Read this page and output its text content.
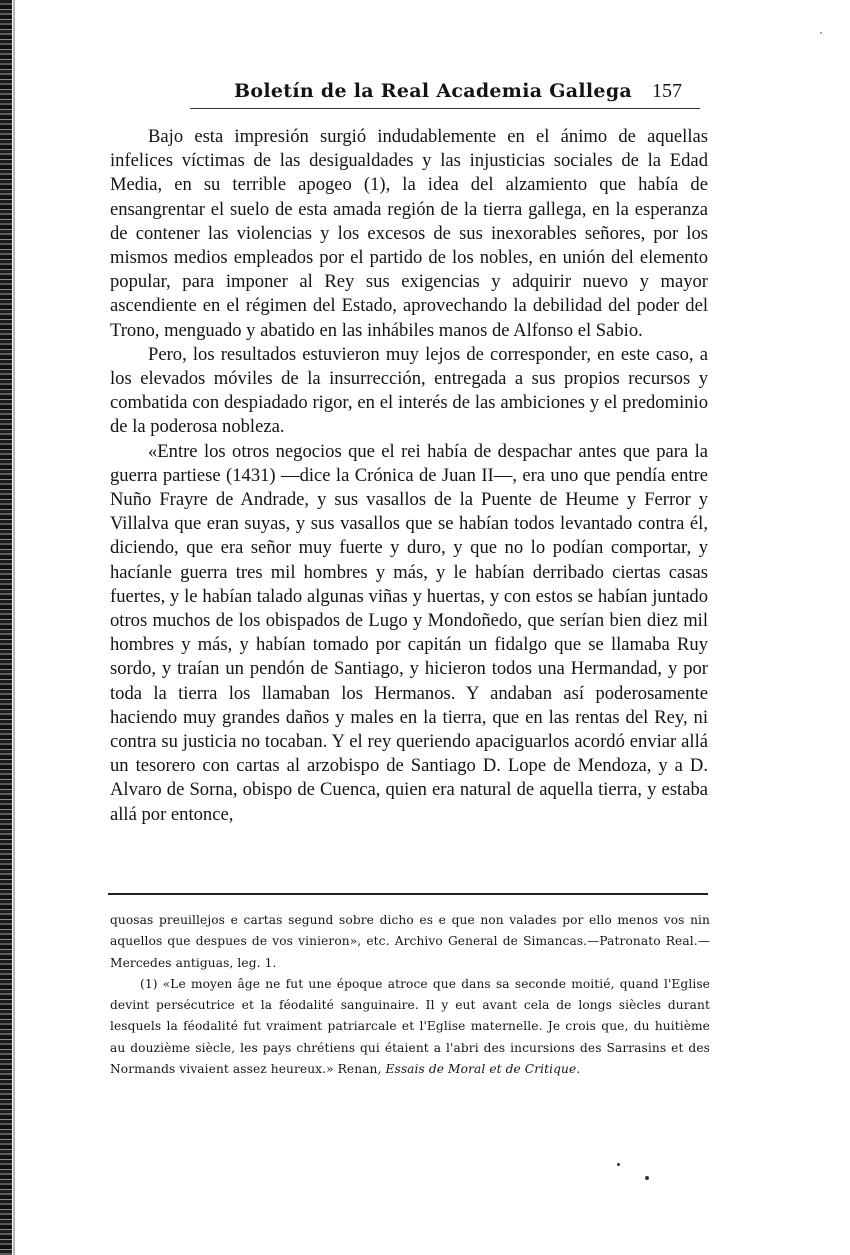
Boletín de la Real Academia Gallega 157

Bajo esta impresión surgió indudablemente en el ánimo de aquellas infelices víctimas de las desigualdades y las injusticias sociales de la Edad Media, en su terrible apogeo (1), la idea del alzamiento que había de ensangrentar el suelo de esta amada región de la tierra gallega, en la esperanza de contener las violencias y los excesos de sus inexorables señores, por los mismos medios empleados por el partido de los nobles, en unión del elemento popular, para imponer al Rey sus exigencias y adquirir nuevo y mayor ascendiente en el régimen del Estado, aprovechando la debilidad del poder del Trono, menguado y abatido en las inhábiles manos de Alfonso el Sabio.

Pero, los resultados estuvieron muy lejos de corresponder, en este caso, a los elevados móviles de la insurrección, entregada a sus propios recursos y combatida con despiadado rigor, en el interés de las ambiciones y el predominio de la poderosa nobleza.

«Entre los otros negocios que el rei había de despachar antes que para la guerra partiese (1431) —dice la Crónica de Juan II—, era uno que pendía entre Nuño Frayre de Andrade, y sus vasallos de la Puente de Heume y Ferror y Villalva que eran suyas, y sus vasallos que se habían todos levantado contra él, diciendo, que era señor muy fuerte y duro, y que no lo podían comportar, y hacíanle guerra tres mil hombres y más, y le habían derribado ciertas casas fuertes, y le habían talado algunas viñas y huertas, y con estos se habían juntado otros muchos de los obispados de Lugo y Mondoñedo, que serían bien diez mil hombres y más, y habían tomado por capitán un fidalgo que se llamaba Ruy sordo, y traían un pendón de Santiago, y hicieron todos una Hermandad, y por toda la tierra los llamaban los Hermanos. Y andaban así poderosamente haciendo muy grandes daños y males en la tierra, que en las rentas del Rey, ni contra su justicia no tocaban. Y el rey queriendo apaciguarlos acordó enviar allá un tesorero con cartas al arzobispo de Santiago D. Lope de Mendoza, y a D. Alvaro de Sorna, obispo de Cuenca, quien era natural de aquella tierra, y estaba allá por entonce,

quosas preuillejos e cartas segund sobre dicho es e que non valades por ello menos vos nin aquellos que despues de vos vinieron», etc. Archivo General de Simancas.—Patronato Real.—Mercedes antiguas, leg. 1.

(1) «Le moyen âge ne fut une époque atroce que dans sa seconde moitié, quand l'Eglise devint persécutrice et la féodalité sanguinaire. Il y eut avant cela de longs siècles durant lesquels la féodalité fut vraiment patriarcale et l'Eglise maternelle. Je crois que, du huitième au douzième siècle, les pays chrétiens qui étaient a l'abri des incursions des Sarrasins et des Normands vivaient assez heureux.» Renan, Essais de Moral et de Critique.
